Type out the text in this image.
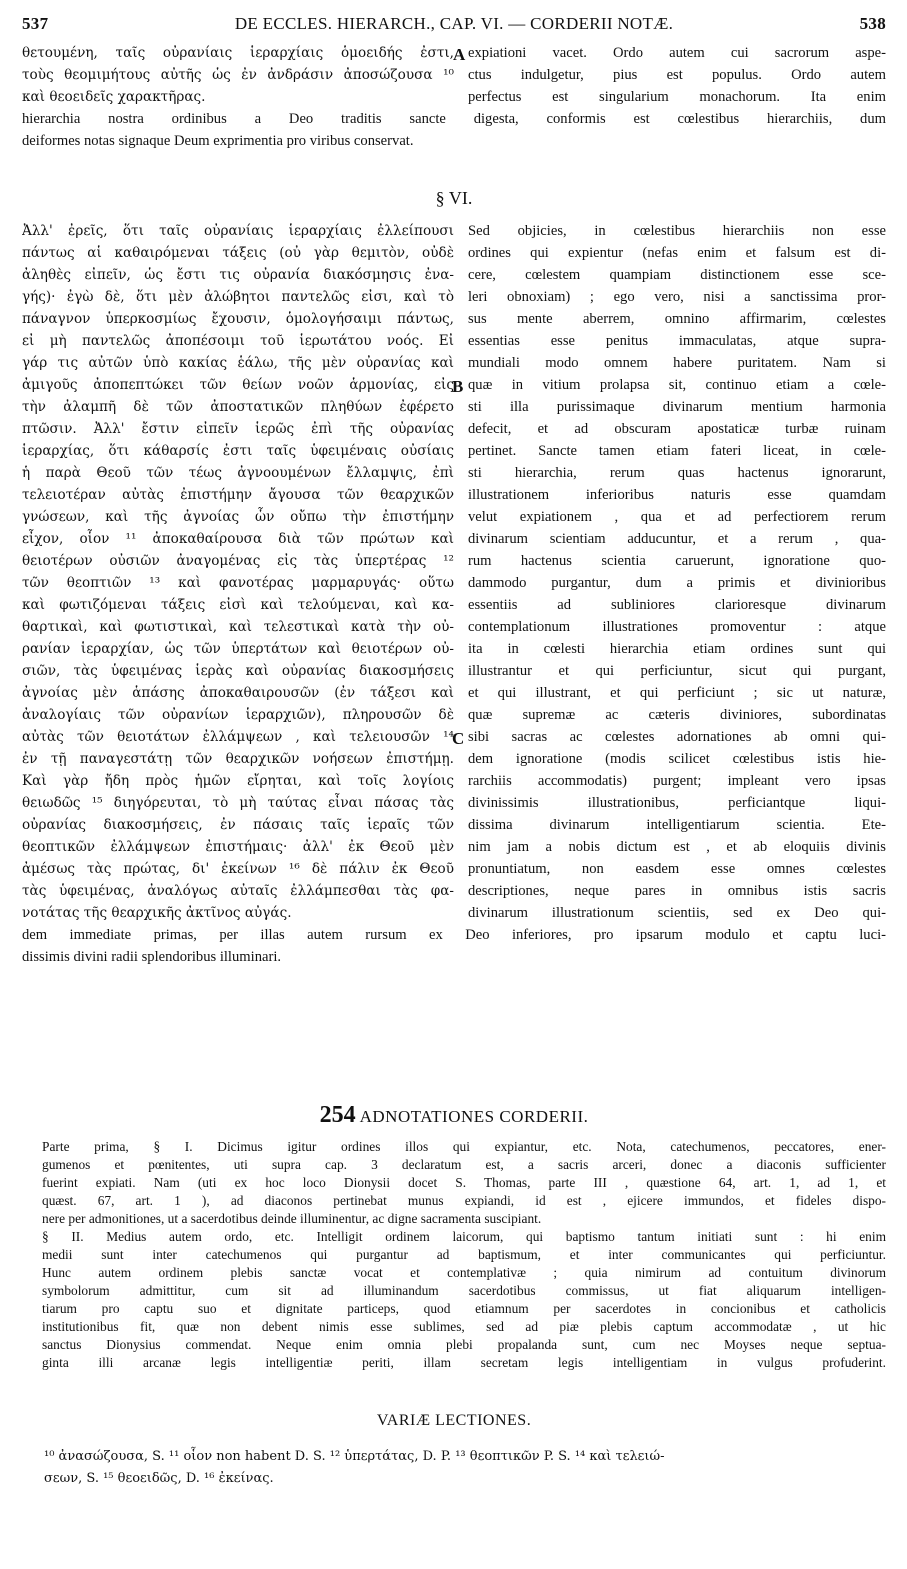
537	DE ECCLES. HIERARCH., CAP. VI. — CORDERII NOTÆ.	538
θετουμένη, ταῖς οὐρανίαις ἱεραρχίαις ὁμοειδής ἐστι,
τοὺς θεομιμήτους αὐτῆς ὡς ἐν ἀνδράσιν ἀποσώζουσα ¹⁰
καὶ θεοειδεῖς χαρακτῆρας.
expiationi vacet. Ordo autem cui sacrorum aspe-
ctus indulgetur, pius est populus. Ordo autem
perfectus est singularium monachorum. Ita enim
A
hierarchia nostra ordinibus a Deo traditis sancte digesta, conformis est cœlestibus hierarchiis, dum
deiformes notas signaque Deum exprimentia pro viribus conservat.
§ VI.
Ἀλλ' ἐρεῖς, ὅτι ταῖς οὐρανίαις ἱεραρχίαις ἐλλείπουσι
πάντως αἱ καθαιρόμεναι τάξεις (οὐ γὰρ θεμιτὸν, οὐδὲ
ἀληθὲς εἰπεῖν, ὡς ἔστι τις οὐρανία διακόσμησις ἐνα-
γής)· ἐγὼ δὲ, ὅτι μὲν ἀλώβητοι παντελῶς εἰσι, καὶ τὸ
πάναγνον ὑπερκοσμίως ἔχουσιν, ὁμολογήσαιμι πάντως,
εἰ μὴ παντελῶς ἀποπέσοιμι τοῦ ἱερωτάτου νοός. Εἰ
γάρ τις αὐτῶν ὑπὸ κακίας ἑάλω, τῆς μὲν οὐρανίας καὶ
ἀμιγοῦς ἀποπεπτώκει τῶν θείων νοῶν ἁρμονίας, εἰς
τὴν ἀλαμπῆ δὲ τῶν ἀποστατικῶν πληθύων ἐφέρετο
πτῶσιν. Ἀλλ' ἔστιν εἰπεῖν ἱερῶς ἐπὶ τῆς οὐρανίας
ἱεραρχίας, ὅτι κάθαρσίς ἐστι ταῖς ὑφειμέναις οὐσίαις
ἡ παρὰ Θεοῦ τῶν τέως ἀγνοουμένων ἔλλαμψις, ἐπὶ
τελειοτέραν αὐτὰς ἐπιστήμην ἄγουσα τῶν θεαρχικῶν
γνώσεων, καὶ τῆς ἀγνοίας ὧν οὔπω τὴν ἐπιστήμην
εἶχον, οἷον ¹¹ ἀποκαθαίρουσα διὰ τῶν πρώτων καὶ
θειοτέρων οὐσιῶν ἀναγομένας εἰς τὰς ὑπερτέρας ¹²
τῶν θεοπτιῶν ¹³ καὶ φανοτέρας μαρμαρυγάς· οὕτω
καὶ φωτιζόμεναι τάξεις εἰσὶ καὶ τελούμεναι, καὶ κα-
θαρτικαὶ, καὶ φωτιστικαὶ, καὶ τελεστικαὶ κατὰ τὴν οὐ-
ρανίαν ἱεραρχίαν, ὡς τῶν ὑπερτάτων καὶ θειοτέρων οὐ-
σιῶν, τὰς ὑφειμένας ἱερὰς καὶ οὐρανίας διακοσμήσεις
ἀγνοίας μὲν ἁπάσης ἀποκαθαιρουσῶν (ἐν τάξεσι καὶ
ἀναλογίαις τῶν οὐρανίων ἱεραρχιῶν), πληρουσῶν δὲ
αὐτὰς τῶν θειοτάτων ἐλλάμψεων , καὶ τελειουσῶν ¹⁴
ἐν τῇ παναγεστάτῃ τῶν θεαρχικῶν νοήσεων ἐπιστήμῃ.
Καὶ γὰρ ἤδη πρὸς ἡμῶν εἴρηται, καὶ τοῖς λογίοις
θειωδῶς ¹⁵ διηγόρευται, τὸ μὴ ταύτας εἶναι πάσας τὰς
οὐρανίας διακοσμήσεις, ἐν πάσαις ταῖς ἱεραῖς τῶν
θεοπτικῶν ἐλλάμψεων ἐπιστήμαις· ἀλλ' ἐκ Θεοῦ μὲν
ἀμέσως τὰς πρώτας, δι' ἐκείνων ¹⁶ δὲ πάλιν ἐκ Θεοῦ
τὰς ὑφειμένας, ἀναλόγως αὐταῖς ἐλλάμπεσθαι τὰς φα-
νοτάτας τῆς θεαρχικῆς ἀκτῖνος αὐγάς.
Sed objicies, in cœlestibus hierarchiis non esse
ordines qui expientur (nefas enim et falsum est di-
cere, cœlestem quampiam distinctionem esse sce-
leri obnoxiam) ; ego vero, nisi a sanctissima pror-
sus mente aberrem, omnino affirmarim, cœlestes
essentias esse penitus immaculatas, atque supra-
mundiali modo omnem habere puritatem. Nam si
quæ in vitium prolapsa sit, continuo etiam a cœle-
sti illa purissimaque divinarum mentium harmonia
defecit, et ad obscuram apostaticæ turbæ ruinam
pertinet. Sancte tamen etiam fateri liceat, in cœle-
sti hierarchia, rerum quas hactenus ignorarunt,
illustrationem inferioribus naturis esse quamdam
velut expiationem , qua et ad perfectiorem rerum
divinarum scientiam adducuntur, et a rerum , qua-
rum hactenus scientia caruerunt, ignoratione quo-
dammodo purgantur, dum a primis et divinioribus
essentiis ad subliniores clarioresque divinarum
contemplationum illustrationes promoventur : atque
ita in cœlesti hierarchia etiam ordines sunt qui
illustrantur et qui perficiuntur, sicut qui purgant,
et qui illustrant, et qui perficiunt ; sic ut naturæ,
quæ supremæ ac cæteris diviniores, subordinatas
sibi sacras ac cœlestes adornationes ab omni qui-
dem ignoratione (modis scilicet cœlestibus istis hie-
rarchiis accommodatis) purgent; impleant vero ipsas
divinissimis illustrationibus, perficiantque liqui-
dissima divinarum intelligentiarum scientia. Ete-
nim jam a nobis dictum est , et ab eloquiis divinis
pronuntiatum, non easdem esse omnes cœlestes
descriptiones, neque pares in omnibus istis sacris
divinarum illustrationum scientiis, sed ex Deo qui-
B
C
dem immediate primas, per illas autem rursum ex Deo inferiores, pro ipsarum modulo et captu luci-
dissimis divini radii splendoribus illuminari.
254 ADNOTATIONES CORDERII.
Parte prima, § I. Dicimus igitur ordines illos qui expiantur, etc. Nota, catechumenos, peccatores, ener-
gumenos et pœnitentes, uti supra cap. 3 declaratum est, a sacris arceri, donec a diaconis sufficienter
fuerint expiati. Nam (uti ex hoc loco Dionysii docet S. Thomas, parte III , quæstione 64, art. 1, ad 1, et
quæst. 67, art. 1 ), ad diaconos pertinebat munus expiandi, id est , ejicere immundos, et fideles dispo-
nere per admonitiones, ut a sacerdotibus deinde illuminentur, ac digne sacramenta suscipiant.
§ II. Medius autem ordo, etc. Intelligit ordinem laicorum, qui baptismo tantum initiati sunt : hi enim
medii sunt inter catechumenos qui purgantur ad baptismum, et inter communicantes qui perficiuntur.
Hunc autem ordinem plebis sanctæ vocat et contemplativæ ; quia nimirum ad contuitum divinorum
symbolorum admittitur, cum sit ad illuminandum sacerdotibus commissus, ut fiat aliquarum intelligen-
tiarum pro captu suo et dignitate particeps, quod etiamnum per sacerdotes in concionibus et catholicis
institutionibus fit, quæ non debent nimis esse sublimes, sed ad piæ plebis captum accommodatæ , ut hic
sanctus Dionysius commendat. Neque enim omnia plebi propalanda sunt, cum nec Moyses neque septua-
ginta illi arcanæ legis intelligentiæ periti, illam secretam legis intelligentiam in vulgus profuderint.
VARIÆ LECTIONES.
¹⁰ ἀνασώζουσα, S. ¹¹ οἷον non habent D. S. ¹² ὑπερτάτας, D. P. ¹³ θεοπτικῶν P. S. ¹⁴ καὶ τελειώ-
σεων, S. ¹⁵ θεοειδῶς, D. ¹⁶ ἐκείνας.
